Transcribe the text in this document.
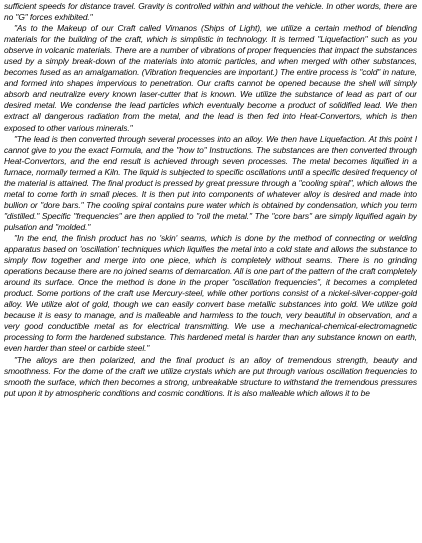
sufficient speeds for distance travel. Gravity is controlled within and without the vehicle. In other words, there are no "G" forces exhibited."

"As to the Makeup of our Craft called Vimanos (Ships of Light), we utilize a certain method of blending materials for the building of the craft, which is simplistic in technology. It is termed "Liquefaction" such as you observe in volcanic materials. There are a number of vibrations of proper frequencies that impact the substances used by a simply break-down of the materials into atomic particles, and when merged with other substances, becomes fused as an amalgamation. (Vibration frequencies are important.) The entire process is "cold" in nature, and formed into shapes impervious to penetration. Our crafts cannot be opened because the shell will simply absorb and neutralize every known laser-cutter that is known. We utilize the substance of lead as part of our desired metal. We condense the lead particles which eventually become a product of solidified lead. We then extract all dangerous radiation from the metal, and the lead is then fed into Heat-Convertors, which is then exposed to other various minerals."

"The lead is then converted through several processes into an alloy. We then have Liquefaction. At this point I cannot give to you the exact Formula, and the "how to" Instructions. The substances are then converted through Heat-Convertors, and the end result is achieved through seven processes. The metal becomes liquified in a furnace, normally termed a Kiln. The liquid is subjected to specific oscillations until a specific desired frequency of the material is attained. The final product is pressed by great pressure through a "cooling spiral", which allows the metal to come forth in small pieces. It is then put into components of whatever alloy is desired and made into bullion or "dore bars." The cooling spiral contains pure water which is obtained by condensation, which you term "distilled." Specific "frequencies" are then applied to "roll the metal." The "core bars" are simply liquified again by pulsation and "molded."

"In the end, the finish product has no 'skin' seams, which is done by the method of connecting or welding apparatus based on 'oscillation' techniques which liquifies the metal into a cold state and allows the substance to simply flow together and merge into one piece, which is completely without seams. There is no grinding operations because there are no joined seams of demarcation. All is one part of the pattern of the craft completely around its surface. Once the method is done in the proper "oscillation frequencies", it becomes a completed product. Some portions of the craft use Mercury-steel, while other portions consist of a nickel-silver-copper-gold alloy. We utilize alot of gold, though we can easily convert base metallic substances into gold. We utilize gold because it is easy to manage, and is malleable and harmless to the touch, very beautiful in observation, and a very good conductible metal as for electrical transmitting. We use a mechanical-chemical-electromagnetic processing to form the hardened substance. This hardened metal is harder than any substance known on earth, even harder than steel or carbide steel."

"The alloys are then polarized, and the final product is an alloy of tremendous strength, beauty and smoothness. For the dome of the craft we utilize crystals which are put through various oscillation frequencies to smooth the surface, which then becomes a strong, unbreakable structure to withstand the tremendous pressures put upon it by atmospheric conditions and cosmic conditions. It is also malleable which allows it to be
